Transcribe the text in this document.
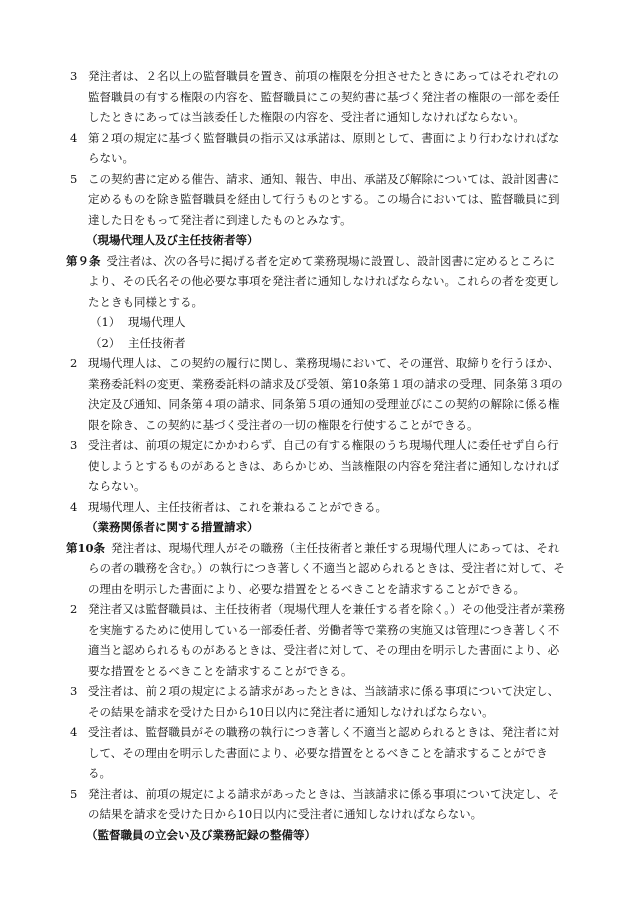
3 発注者は、２名以上の監督職員を置き、前項の権限を分担させたときにあってはそれぞれの監督職員の有する権限の内容を、監督職員にこの契約書に基づく発注者の権限の一部を委任したときにあっては当該委任した権限の内容を、受注者に通知しなければならない。

4 第２項の規定に基づく監督職員の指示又は承諾は、原則として、書面により行わなければならない。

5 この契約書に定める催告、請求、通知、報告、申出、承諾及び解除については、設計図書に定めるものを除き監督職員を経由して行うものとする。この場合においては、監督職員に到達した日をもって発注者に到達したものとみなす。

（現場代理人及び主任技術者等）

第９条 受注者は、次の各号に掲げる者を定めて業務現場に設置し、設計図書に定めるところにより、その氏名その他必要な事項を発注者に通知しなければならない。これらの者を変更したときも同様とする。

（1） 現場代理人

（2） 主任技術者

2 現場代理人は、この契約の履行に関し、業務現場において、その運営、取締りを行うほか、業務委託料の変更、業務委託料の請求及び受領、第10条第１項の請求の受理、同条第３項の決定及び通知、同条第４項の請求、同条第５項の通知の受理並びにこの契約の解除に係る権限を除き、この契約に基づく受注者の一切の権限を行使することができる。

3 受注者は、前項の規定にかかわらず、自己の有する権限のうち現場代理人に委任せず自ら行使しようとするものがあるときは、あらかじめ、当該権限の内容を発注者に通知しなければならない。

4 現場代理人、主任技術者は、これを兼ねることができる。

（業務関係者に関する措置請求）

第10条 発注者は、現場代理人がその職務（主任技術者と兼任する現場代理人にあっては、それらの者の職務を含む。）の執行につき著しく不適当と認められるときは、受注者に対して、その理由を明示した書面により、必要な措置をとるべきことを請求することができる。

2 発注者又は監督職員は、主任技術者（現場代理人を兼任する者を除く。）その他受注者が業務を実施するために使用している一部委任者、労働者等で業務の実施又は管理につき著しく不適当と認められるものがあるときは、受注者に対して、その理由を明示した書面により、必要な措置をとるべきことを請求することができる。

3 受注者は、前２項の規定による請求があったときは、当該請求に係る事項について決定し、その結果を請求を受けた日から10日以内に発注者に通知しなければならない。

4 受注者は、監督職員がその職務の執行につき著しく不適当と認められるときは、発注者に対して、その理由を明示した書面により、必要な措置をとるべきことを請求することができる。

5 発注者は、前項の規定による請求があったときは、当該請求に係る事項について決定し、その結果を請求を受けた日から10日以内に受注者に通知しなければならない。

（監督職員の立会い及び業務記録の整備等）
